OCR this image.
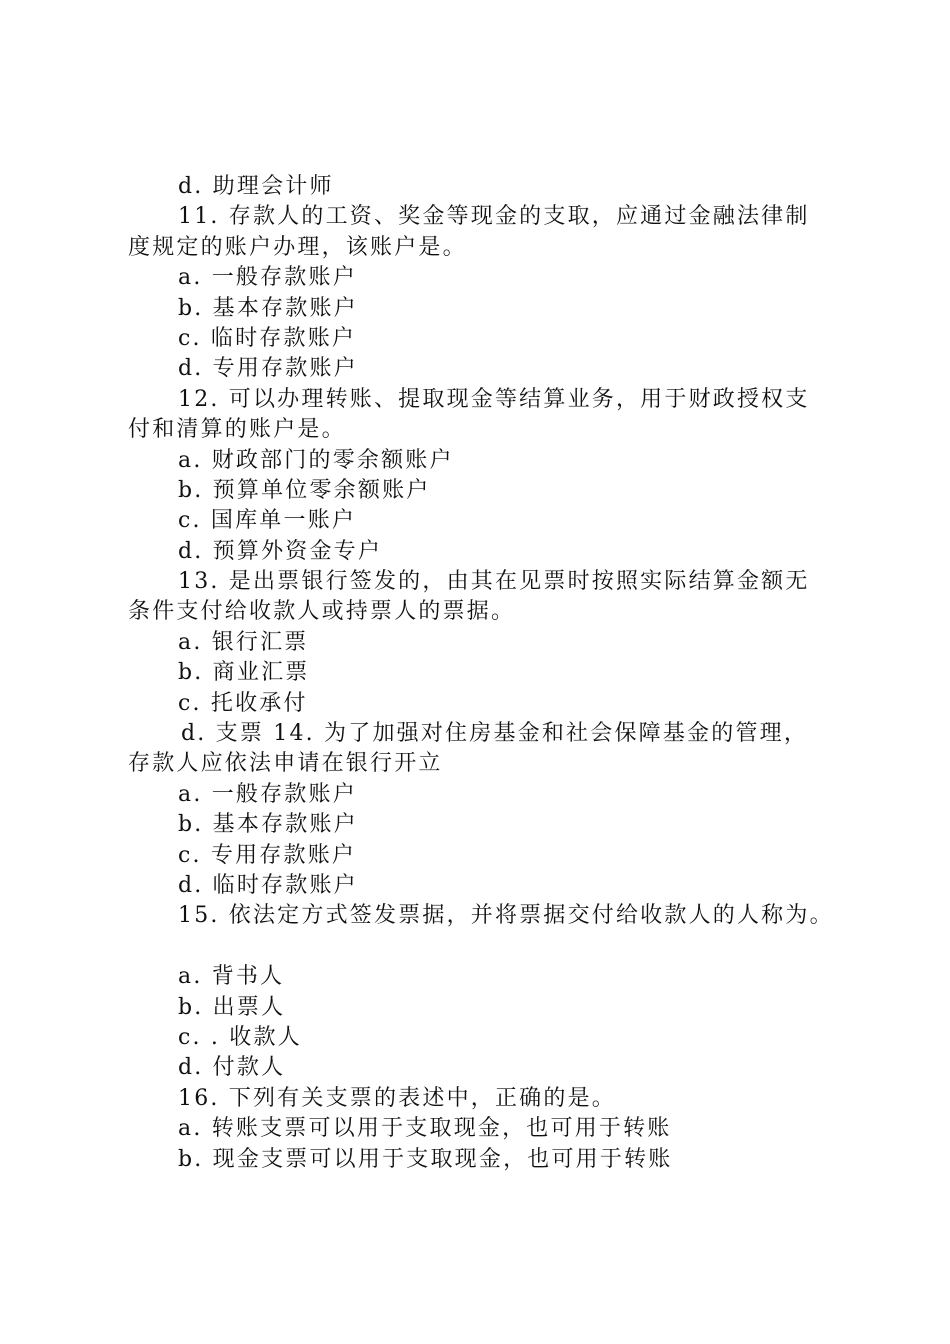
d. 助理会计师
11. 存款人的工资、奖金等现金的支取，应通过金融法律制
度规定的账户办理，该账户是。
a. 一般存款账户
b. 基本存款账户
c. 临时存款账户
d. 专用存款账户
12. 可以办理转账、提取现金等结算业务，用于财政授权支
付和清算的账户是。
a. 财政部门的零余额账户
b. 预算单位零余额账户
c. 国库单一账户
d. 预算外资金专户
13. 是出票银行签发的，由其在见票时按照实际结算金额无
条件支付给收款人或持票人的票据。
a. 银行汇票
b. 商业汇票
c. 托收承付
d. 支票 14. 为了加强对住房基金和社会保障基金的管理，
存款人应依法申请在银行开立
a. 一般存款账户
b. 基本存款账户
c. 专用存款账户
d. 临时存款账户
15. 依法定方式签发票据，并将票据交付给收款人的人称为。
a. 背书人
b. 出票人
c. . 收款人
d. 付款人
16. 下列有关支票的表述中，正确的是。
a. 转账支票可以用于支取现金，也可用于转账
b. 现金支票可以用于支取现金，也可用于转账
